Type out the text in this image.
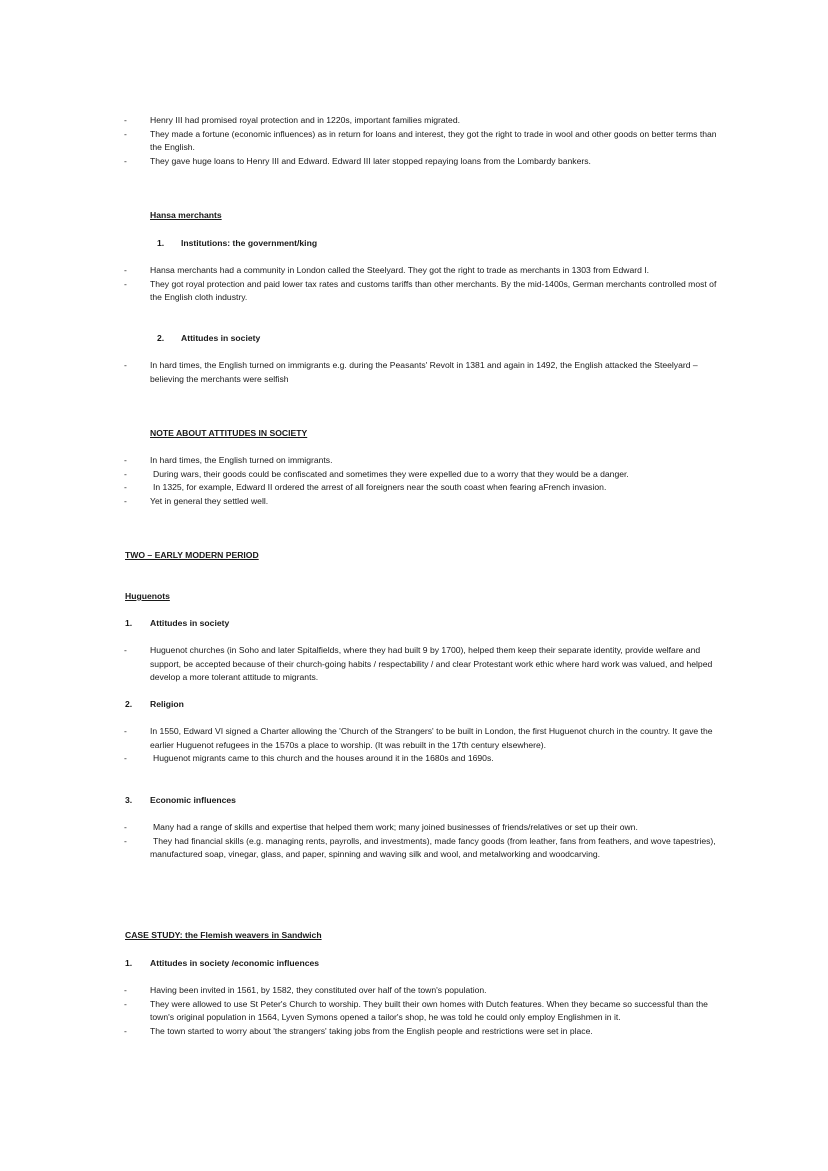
-	Henry III had promised royal protection and in 1220s, important families migrated.
-	They made a fortune (economic influences) as in return for loans and interest, they got the right to trade in wool and other goods on better terms than the English.
-	They gave huge loans to Henry III and Edward. Edward III later stopped repaying loans from the Lombardy bankers.
Hansa merchants
1.	Institutions: the government/king
-	Hansa merchants had a community in London called the Steelyard. They got the right to trade as merchants in 1303 from Edward I.
-	They got royal protection and paid lower tax rates and customs tariffs than other merchants. By the mid-1400s, German merchants controlled most of the English cloth industry.
2.	Attitudes in society
-	In hard times, the English turned on immigrants e.g. during the Peasants' Revolt in 1381 and again in 1492, the English attacked the Steelyard – believing the merchants were selfish
NOTE ABOUT ATTITUDES IN SOCIETY
-	In hard times, the English turned on immigrants.
-	During wars, their goods could be confiscated and sometimes they were expelled due to a worry that they would be a danger.
-	In 1325, for example, Edward II ordered the arrest of all foreigners near the south coast when fearing aFrench invasion.
-	Yet in general they settled well.
TWO – EARLY MODERN PERIOD
Huguenots
1.	Attitudes in society
-	Huguenot churches (in Soho and later Spitalfields, where they had built 9 by 1700), helped them keep their separate identity, provide welfare and support, be accepted because of their church-going habits / respectability / and clear Protestant work ethic where hard work was valued, and helped develop a more tolerant attitude to migrants.
2.	Religion
-	In 1550, Edward VI signed a Charter allowing the 'Church of the Strangers' to be built in London, the first Huguenot church in the country. It gave the earlier Huguenot refugees in the 1570s a place to worship. (It was rebuilt in the 17th century elsewhere).
-	Huguenot migrants came to this church and the houses around it in the 1680s and 1690s.
3.	Economic influences
-	Many had a range of skills and expertise that helped them work; many joined businesses of friends/relatives or set up their own.
-	They had financial skills (e.g. managing rents, payrolls, and investments), made fancy goods (from leather, fans from feathers, and wove tapestries), manufactured soap, vinegar, glass, and paper, spinning and waving silk and wool, and metalworking and woodcarving.
CASE STUDY: the Flemish weavers in Sandwich
1.	Attitudes in society /economic influences
-	Having been invited in 1561, by 1582, they constituted over half of the town's population.
-	They were allowed to use St Peter's Church to worship. They built their own homes with Dutch features. When they became so successful than the town's original population in 1564, Lyven Symons opened a tailor's shop, he was told he could only employ Englishmen in it.
-	The town started to worry about 'the strangers' taking jobs from the English people and restrictions were set in place.
